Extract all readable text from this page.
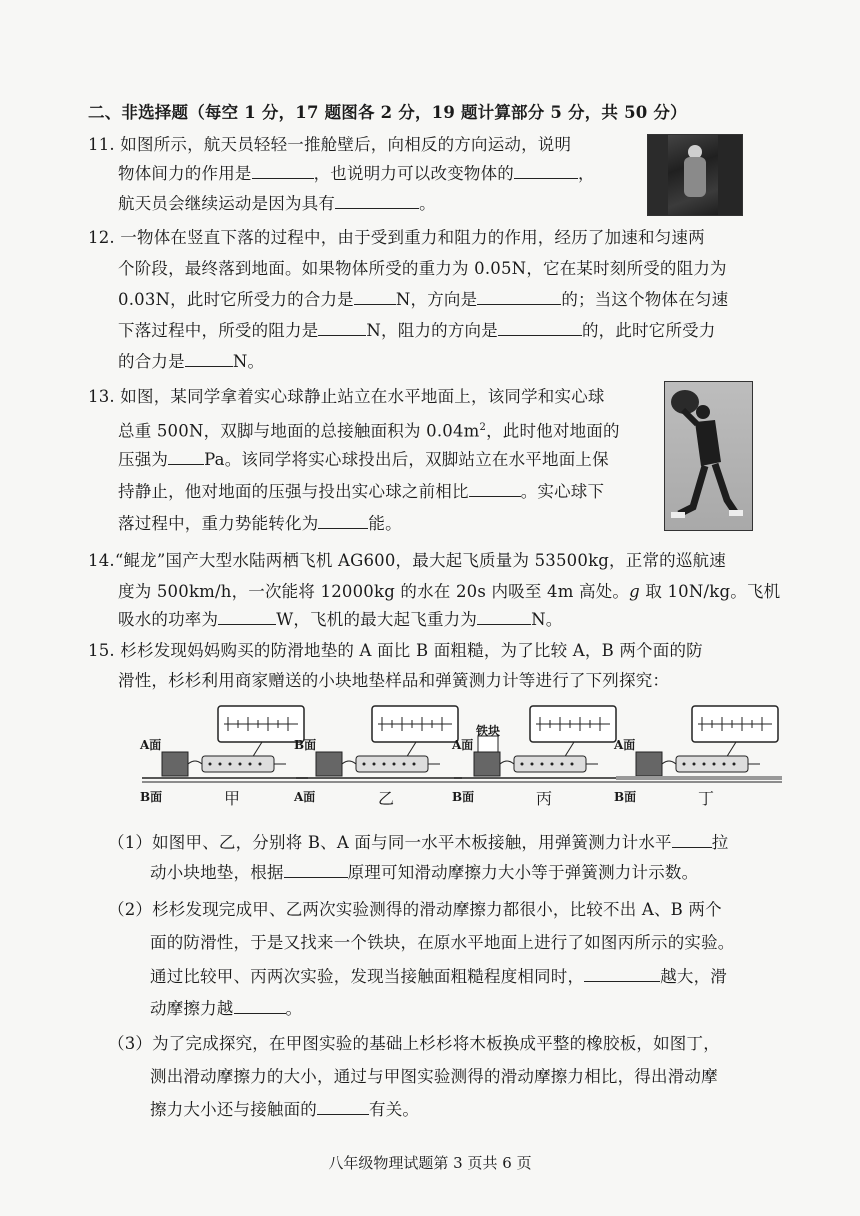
二、非选择题（每空 1 分，17 题图各 2 分，19 题计算部分 5 分，共 50 分）
11. 如图所示，航天员轻轻一推舱壁后，向相反的方向运动，说明
物体间力的作用是	，也说明力可以改变物体的	，
航天员会继续运动是因为具有	。
12. 一物体在竖直下落的过程中，由于受到重力和阻力的作用，经历了加速和匀速两
个阶段，最终落到地面。如果物体所受的重力为 0.05N，它在某时刻所受的阻力为
0.03N，此时它所受力的合力是	N，方向是	的；当这个物体在匀速
下落过程中，所受的阻力是	N，阻力的方向是	的，此时它所受力
的合力是	N。
13. 如图，某同学拿着实心球静止站立在水平地面上，该同学和实心球
总重 500N，双脚与地面的总接触面积为 $0.04m^2$，此时他对地面的
压强为 Pa。该同学将实心球投出后，双脚站立在水平地面上保
持静止，他对地面的压强与投出实心球之前相比	。实心球下
落过程中，重力势能转化为	能。
14.“鲲龙”国产大型水陆两栖飞机 AG600，最大起飞质量为 53500kg，正常的巡航速
度为 500km/h，一次能将 12000kg 的水在 20s 内吸至 4m 高处。g 取 10N/kg。飞机
吸水的功率为	W，飞机的最大起飞重力为	N。
15. 杉杉发现妈妈购买的防滑地垫的 A 面比 B 面粗糙，为了比较 A，B 两个面的防
滑性，杉杉利用商家赠送的小块地垫样品和弹簧测力计等进行了下列探究：
A面
B面	甲
B面
A面	乙
铁块
A面
B面	丙
A面
B面	丁
（1）如图甲、乙，分别将 B、A 面与同一水平木板接触，用弹簧测力计水平 拉
动小块地垫，根据	原理可知滑动摩擦力大小等于弹簧测力计示数。
（2）杉杉发现完成甲、乙两次实验测得的滑动摩擦力都很小，比较不出 A、B 两个
面的防滑性，于是又找来一个铁块，在原水平地面上进行了如图丙所示的实验。
通过比较甲、丙两次实验，发现当接触面粗糙程度相同时，	越大，滑
动摩擦力越	。
（3）为了完成探究，在甲图实验的基础上杉杉将木板换成平整的橡胶板，如图丁，
测出滑动摩擦力的大小，通过与甲图实验测得的滑动摩擦力相比，得出滑动摩
擦力大小还与接触面的	有关。
八年级物理试题第 3 页共 6 页
